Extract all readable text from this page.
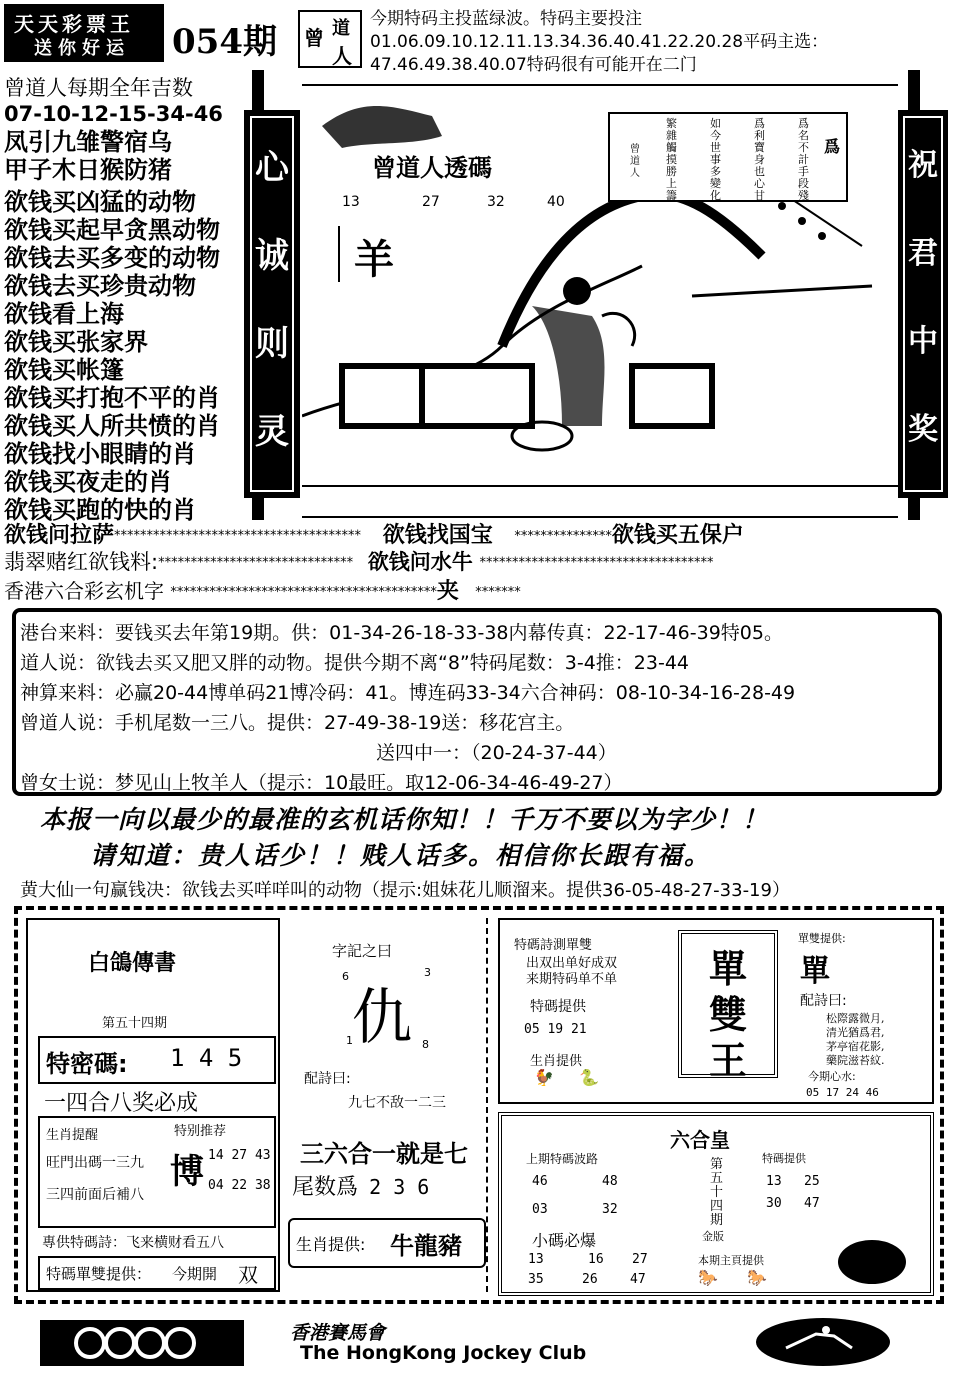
天天彩票王
送你好运 054期 曾 道
人
今期特码主投蓝绿波。特码主要投注01.06.09.10.12.11.13.34.36.40.41.22.20.28平码主选：47.46.49.38.40.07特码很有可能开在二门
曾道人每期全年吉数
07-10-12-15-34-46
凤引九雏警宿乌
甲子木日猴防猪
欲钱买凶猛的动物
欲钱买起早贪黑动物
欲钱去买多变的动物
欲钱去买珍贵动物
欲钱看上海
欲钱买张家界
欲钱买帐篷
欲钱买打抱不平的肖
欲钱买人所共愤的肖
欲钱找小眼睛的肖
欲钱买夜走的肖
欲钱买跑的快的肖
心
诚
则
灵
曾道人透碼
13	27	32	40
羊
爲名不計手段殘
爲利寶身也心甘
如今世事多變化
繁雜觸摸勝上籌
曾道人
爲
祝
君
中
奖
欲钱问拉萨************************************** 欲钱找国宝 ***************欲钱买五保户
翡翠赌红欲钱料:****************************** 欲钱问水牛 ************************************
香港六合彩玄机字 *****************************************夹 *******
港台来料：要钱买去年第19期。供：01-34-26-18-33-38内幕传真：22-17-46-39特05。
道人说：欲钱去买又肥又胖的动物。提供今期不离“8”特码尾数：3-4推：23-44
神算来料：必赢20-44博单码21博冷码：41。博连码33-34六合神码：08-10-34-16-28-49
曾道人说：手机尾数一三八。提供：27-49-38-19送：移花宫主。
送四中一：（20-24-37-44）
曾女士说：梦见山上牧羊人（提示：10最旺。取12-06-34-46-49-27）
本报一向以最少的最准的玄机话你知！！千万不要以为字少！！
请知道：贵人话少！！贱人话多。相信你长跟有福。
黄大仙一句赢钱决：欲钱去买咩咩叫的动物（提示:姐妹花儿顺溜来。提供36-05-48-27-33-19）
白鴿傳書
第五十四期
特密碼: 1 4 5
一四合八奖必成
生肖提醒	特别推荐
旺門出碼一三九
三四前面后補八
博 14 27 43
04 22 38
專供特碼詩：飞来横财看五八
特碼單雙提供： 今期開 双
字記之曰
6	3
仇
1	8
配詩曰:
九七不敌一二三
三六合一就是七
尾数爲 2 3 6
生肖提供: 牛龍豬
特碼詩測單雙
出双出单好成双
来期特码单不单
特碼提供
05 19 21
生肖提供
🐓 🐍
單
雙
王
單雙提供:
單
配詩曰:
松際露微月,
清光猶爲君,
茅亭宿花影,
藥院滋苔紋.
今期心水:
05 17 24 46
六合皇
上期特碼波路
46	48
03	32
第五十四期
金版
特碼提供
13 25
30 47
小碼必爆
13	16 27
35	26 47
本期主頁提供
🐎 🐎
香港賽馬會
The HongKong Jockey Club
